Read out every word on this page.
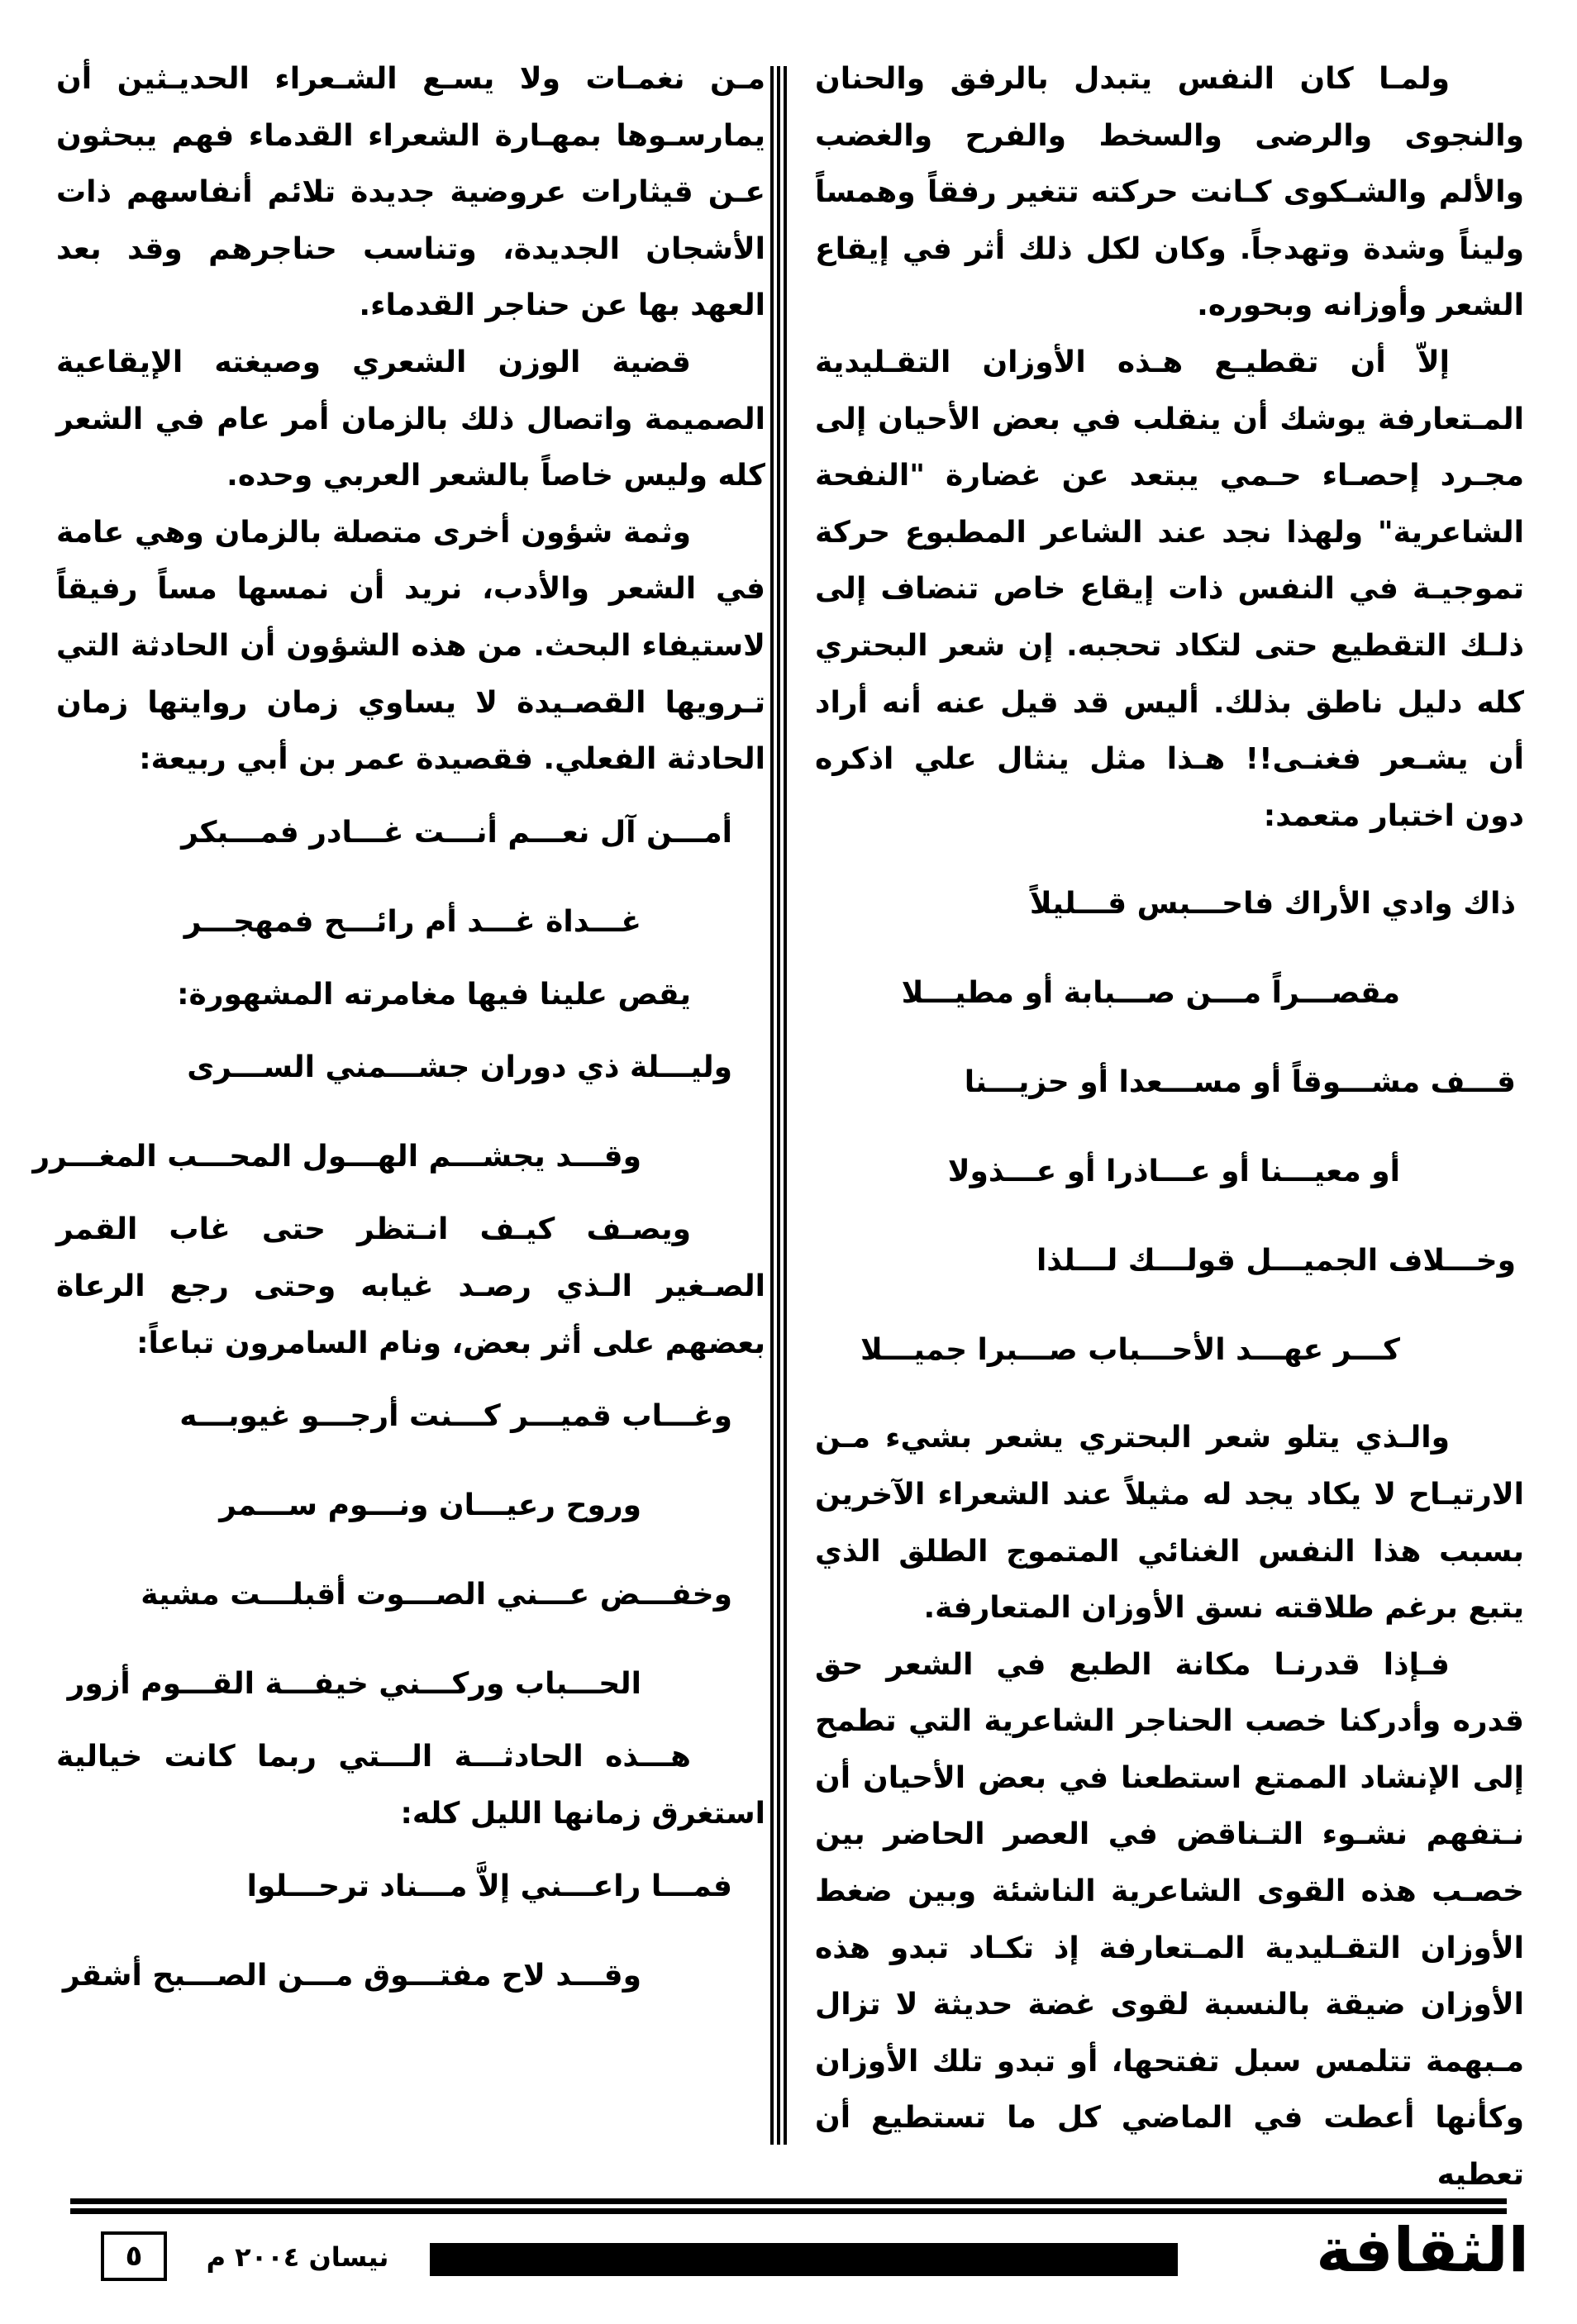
ولمـا كان النفس يتبدل بالرفق والحنان والنجوى والرضى والسخط والفرح والغضب والألم والشـكوى كـانت حركته تتغير رفقاً وهمساً وليناً وشدة وتهدجاً. وكان لكل ذلك أثر في إيقاع الشعر وأوزانه وبحوره.

إلاّ أن تقطيـع هـذه الأوزان التقـليدية المـتعارفة يوشك أن ينقلب في بعض الأحيان إلى مجـرد إحصـاء حـمي يبتعد عن غضارة "النفحة الشاعرية" ولهذا نجد عند الشاعر المطبوع حركة تموجيـة في النفس ذات إيقاع خاص تنضاف إلى ذلـك التقطيع حتى لتكاد تحجبه. إن شعر البحتري كله دليل ناطق بذلك. أليس قد قيل عنه أنه أراد أن يشـعر فغنـى!! هـذا مثل ينثال علي اذكره دون اختبار متعمد:

ذاك وادي الأراك فاحـــبس قـــليلاً
مقصـــراً مـــن صـــبابة أو مطيـــلا
قـــف مشـــوقاً أو مســـعدا أو حزيـــنا
أو معيـــنا أو عـــاذرا أو عـــذولا
وخـــلاف الجميـــل قولـــك لـــلذا
كـــر عهـــد الأحـــباب صـــبرا جميـــلا

والـذي يتلو شعر البحتري يشعر بشيء مـن الارتيـاح لا يكاد يجد له مثيلاً عند الشعراء الآخرين بسبب هذا النفس الغنائي المتموج الطلق الذي يتبع برغم طلاقته نسق الأوزان المتعارفة.

فـإذا قدرنـا مكانة الطبع في الشعر حق قدره وأدركنا خصب الحناجر الشاعرية التي تطمح إلى الإنشاد الممتع استطعنا في بعض الأحيان أن نـتفهم نشـوء التـناقض في العصر الحاضر بين خصـب هذه القوى الشاعرية الناشئة وبين ضغط الأوزان التقـليدية المـتعارفة إذ تكـاد تبدو هذه الأوزان ضيقة بالنسبة لقوى غضة حديثة لا تزال مـبهمة تتلمس سبل تفتحها، أو تبدو تلك الأوزان وكأنها أعطت في الماضي كل ما تستطيع أن تعطيه

مـن نغمـات ولا يسـع الشـعراء الحديـثين أن يمارسـوها بمهـارة الشعراء القدماء فهم يبحثون عـن قيثارات عروضية جديدة تلائم أنفاسهم ذات الأشجان الجديدة، وتناسب حناجرهم وقد بعد العهد بها عن حناجر القدماء.

قضية الوزن الشعري وصيغته الإيقاعية الصميمة واتصال ذلك بالزمان أمر عام في الشعر كله وليس خاصاً بالشعر العربي وحده.

وثمة شؤون أخرى متصلة بالزمان وهي عامة في الشعر والأدب، نريد أن نمسها مساً رفيقاً لاستيفاء البحث. من هذه الشؤون أن الحادثة التي تـرويها القصـيدة لا يساوي زمان روايتها زمان الحادثة الفعلي. فقصيدة عمر بن أبي ربيعة:

أمـــن آل نعـــم أنـــت غـــادر فمـــبكر
غـــداة غـــد أم رائـــح فمهجـــر

يقص علينا فيها مغامرته المشهورة:

وليـــلة ذي دوران جشـــمني الســـرى
وقـــد يجشـــم الهـــول المحـــب المغـــرر

ويصـف كيـف انـتظر حتى غاب القمر الصـغير الـذي رصـد غيابه وحتى رجع الرعاة بعضهم على أثر بعض، ونام السامرون تباعاً:

وغـــاب قميـــر كـــنت أرجـــو غيوبـــه
وروح رعيـــان ونـــوم ســـمر
وخفـــض عـــني الصـــوت أقبلـــت مشية
الحـــباب وركـــني خيفـــة القـــوم أزور

هـــذه الحادثـــة الـــتي ربما كانت خيالية استغرق زمانها الليل كله:

فمـــا راعـــني إلاَّ مـــناد ترحـــلوا
وقـــد لاح مفتـــوق مـــن الصـــبح أشقر
الثقافة
نيسان ٢٠٠٤ م
٥
